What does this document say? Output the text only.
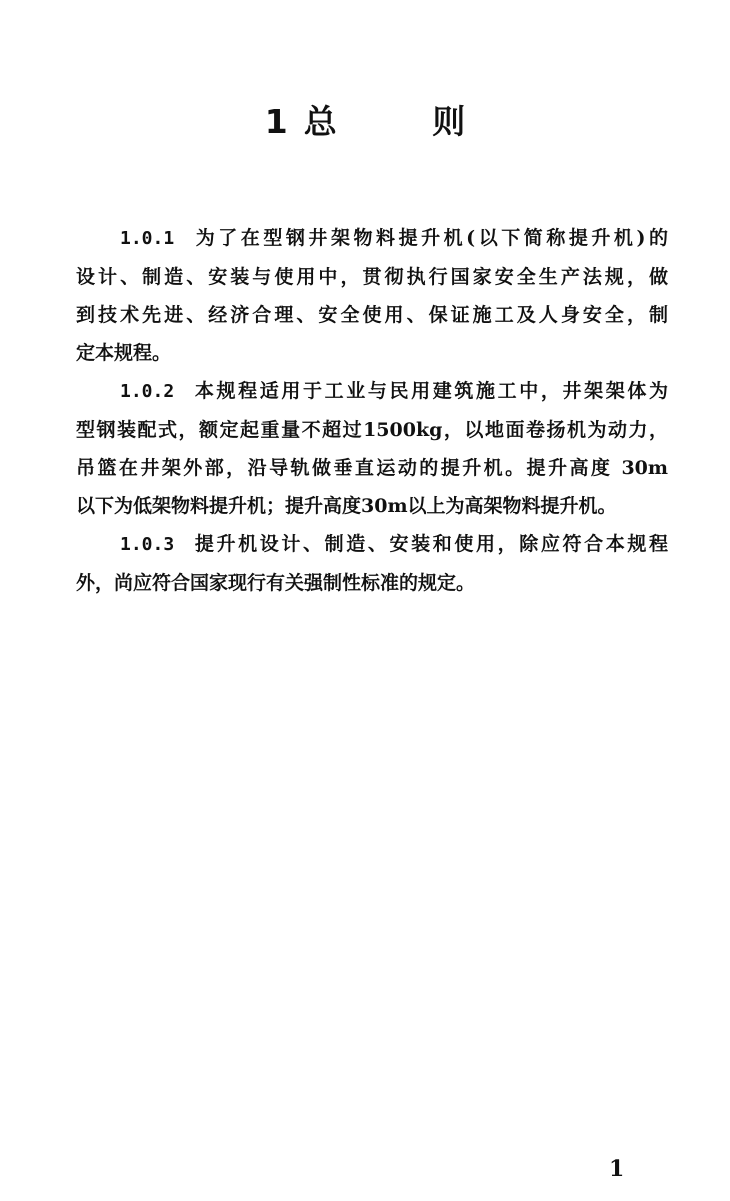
1 总 则
1.0.1 为了在型钢井架物料提升机(以下简称提升机)的
设计、制造、安装与使用中，贯彻执行国家安全生产法规，做
到技术先进、经济合理、安全使用、保证施工及人身安全，制
定本规程。
1.0.2 本规程适用于工业与民用建筑施工中，井架架体为
型钢装配式，额定起重量不超过1500kg，以地面卷扬机为动力，
吊篮在井架外部，沿导轨做垂直运动的提升机。提升高度 30m
以下为低架物料提升机；提升高度30m以上为高架物料提升机。
1.0.3 提升机设计、制造、安装和使用，除应符合本规程
外，尚应符合国家现行有关强制性标准的规定。
1
